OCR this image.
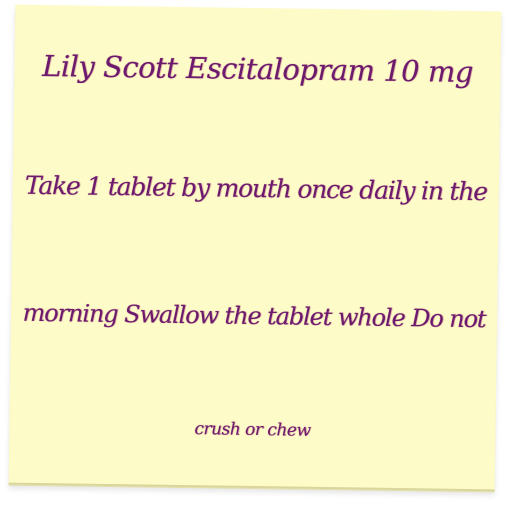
Lily Scott Escitalopram 10 mg
Take 1 tablet by mouth once daily in the
morning Swallow the tablet whole Do not
crush or chew
